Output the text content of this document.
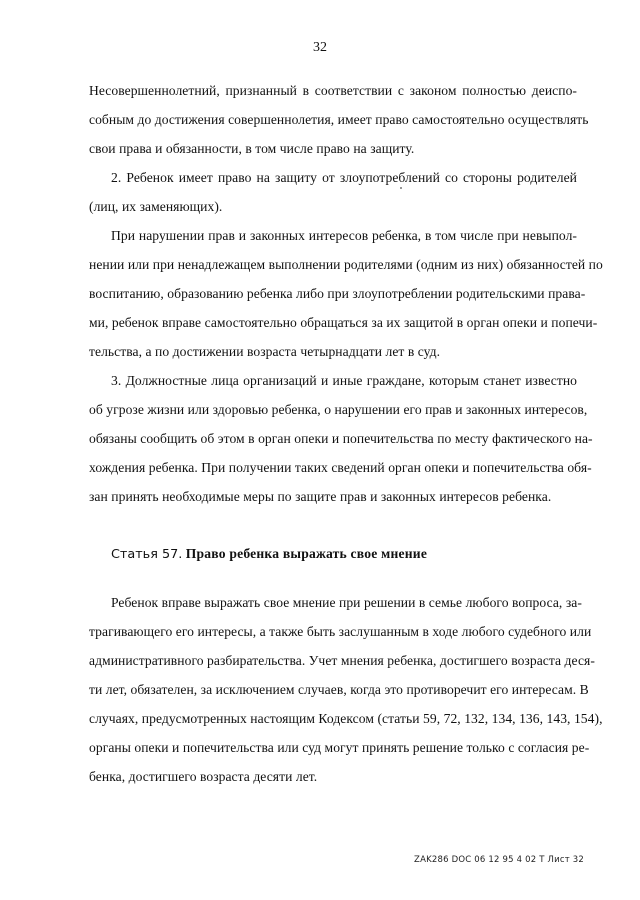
32
Несовершеннолетний, признанный в соответствии с законом полностью деиспо-
собным до достижения совершеннолетия, имеет право самостоятельно осуществлять
свои права и обязанности, в том числе право на защиту.
2. Ребенок имеет право на защиту от злоупотреблений со стороны родителей
(лиц, их заменяющих).
При нарушении прав и законных интересов ребенка, в том числе при невыпол-
нении или при ненадлежащем выполнении родителями (одним из них) обязанностей по
воспитанию, образованию ребенка либо при злоупотреблении родительскими права-
ми, ребенок вправе самостоятельно обращаться за их защитой в орган опеки и попечи-
тельства, а по достижении возраста четырнадцати лет в суд.
3. Должностные лица организаций и иные граждане, которым станет известно
об угрозе жизни или здоровью ребенка, о нарушении его прав и законных интересов,
обязаны сообщить об этом в орган опеки и попечительства по месту фактического на-
хождения ребенка. При получении таких сведений орган опеки и попечительства обя-
зан принять необходимые меры по защите прав и законных интересов ребенка.
Статья 57. Право ребенка выражать свое мнение
Ребенок вправе выражать свое мнение при решении в семье любого вопроса, за-
трагивающего его интересы, а также быть заслушанным в ходе любого судебного или
административного разбирательства. Учет мнения ребенка, достигшего возраста деся-
ти лет, обязателен, за исключением случаев, когда это противоречит его интересам. В
случаях, предусмотренных настоящим Кодексом (статьи 59, 72, 132, 134, 136, 143, 154),
органы опеки и попечительства или суд могут принять решение только с согласия ре-
бенка, достигшего возраста десяти лет.
ZAK286 DOC 06 12 95 4 02 T Лист 32
